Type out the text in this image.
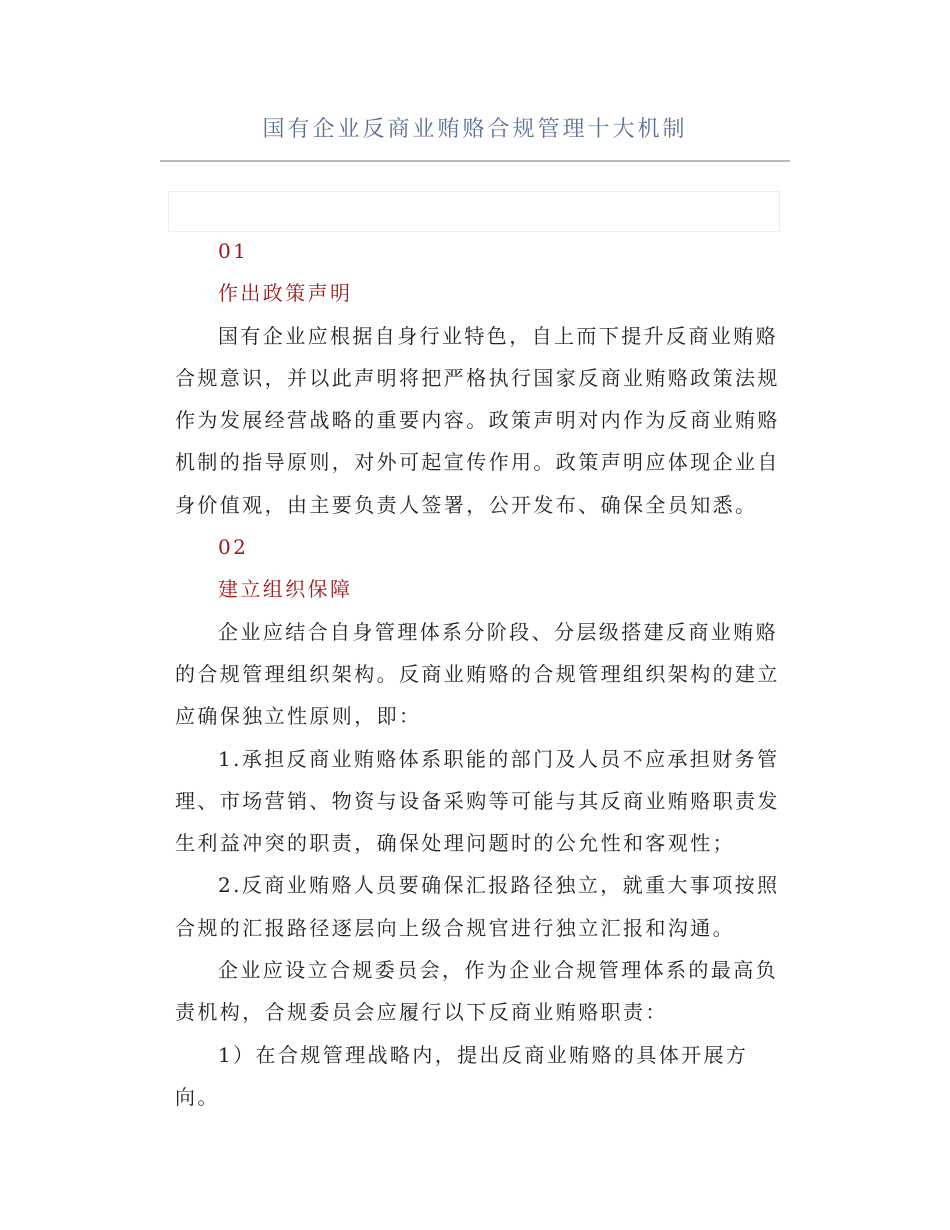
国有企业反商业贿赂合规管理十大机制

01

作出政策声明

国有企业应根据自身行业特色，自上而下提升反商业贿赂

合规意识，并以此声明将把严格执行国家反商业贿赂政策法规

作为发展经营战略的重要内容。政策声明对内作为反商业贿赂

机制的指导原则，对外可起宣传作用。政策声明应体现企业自

身价值观，由主要负责人签署，公开发布、确保全员知悉。

02

建立组织保障

企业应结合自身管理体系分阶段、分层级搭建反商业贿赂

的合规管理组织架构。反商业贿赂的合规管理组织架构的建立

应确保独立性原则，即：

1.承担反商业贿赂体系职能的部门及人员不应承担财务管

理、市场营销、物资与设备采购等可能与其反商业贿赂职责发

生利益冲突的职责，确保处理问题时的公允性和客观性；

2.反商业贿赂人员要确保汇报路径独立，就重大事项按照

合规的汇报路径逐层向上级合规官进行独立汇报和沟通。

企业应设立合规委员会，作为企业合规管理体系的最高负

责机构，合规委员会应履行以下反商业贿赂职责：

1）在合规管理战略内，提出反商业贿赂的具体开展方

向。
